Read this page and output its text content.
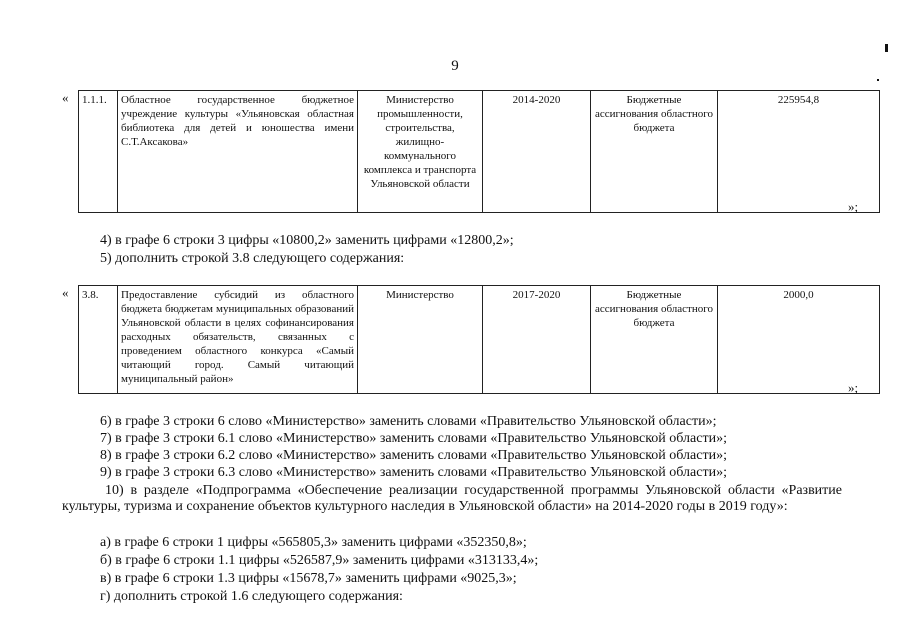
9
« 1.1.1.	Областное государственное бюджетное учреждение культуры «Ульяновская областная библиотека для детей и юношества имени С.Т.Аксакова»	Министерство промышленности, строительства, жилищно-коммунального комплекса и транспорта Ульяновской области	2014-2020	Бюджетные ассигнования областного бюджета	225954,8
»;
4) в графе 6 строки 3 цифры «10800,2» заменить цифрами «12800,2»;
5) дополнить строкой 3.8 следующего содержания:
« 3.8.	Предоставление субсидий из областного бюджета бюджетам муниципальных образований Ульяновской области в целях софинансирования расходных обязательств, связанных с проведением областного конкурса «Самый читающий город. Самый читающий муниципальный район»	Министерство	2017-2020	Бюджетные ассигнования областного бюджета	2000,0
»;
6) в графе 3 строки 6 слово «Министерство» заменить словами «Правительство Ульяновской области»;
7) в графе 3 строки 6.1 слово «Министерство» заменить словами «Правительство Ульяновской области»;
8) в графе 3 строки 6.2 слово «Министерство» заменить словами «Правительство Ульяновской области»;
9) в графе 3 строки 6.3 слово «Министерство» заменить словами «Правительство Ульяновской области»;
10) в разделе «Подпрограмма «Обеспечение реализации государственной программы Ульяновской области «Развитие культуры, туризма и сохранение объектов культурного наследия в Ульяновской области» на 2014-2020 годы в 2019 году»:
а) в графе 6 строки 1 цифры «565805,3» заменить цифрами «352350,8»;
б) в графе 6 строки 1.1 цифры «526587,9» заменить цифрами «313133,4»;
в) в графе 6 строки 1.3 цифры «15678,7» заменить цифрами «9025,3»;
г) дополнить строкой 1.6 следующего содержания:
